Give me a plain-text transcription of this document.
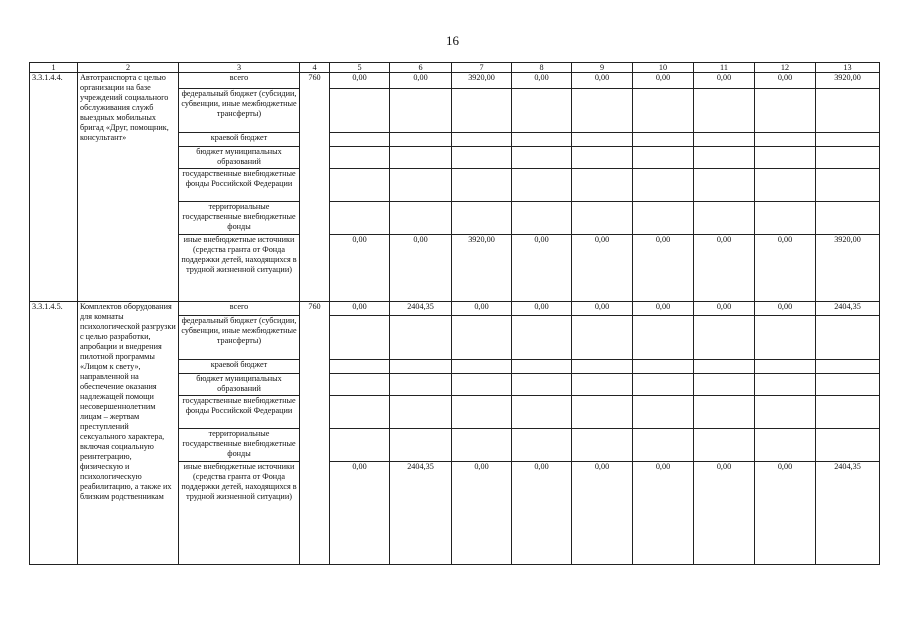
16
1	2	3	4	5	6	7	8	9	10	11	12	13
3.3.1.4.4.	Автотранспорта с целью организации на базе учреждений социального обслуживания служб выездных мобильных бригад «Друг, помощник, консультант»	всего	760	0,00	0,00	3920,00	0,00	0,00	0,00	0,00	0,00	3920,00
		федеральный бюджет (субсидии, субвенции, иные межбюджетные трансферты)										
		краевой бюджет										
		бюджет муниципальных образований										
		государственные внебюджетные фонды Российской Федерации										
		территориальные государственные внебюджетные фонды										
		иные внебюджетные источники (средства гранта от Фонда поддержки детей, находящихся в трудной жизненной ситуации)		0,00	0,00	3920,00	0,00	0,00	0,00	0,00	0,00	3920,00
3.3.1.4.5.	Комплектов оборудования для комнаты психологической разгрузки с целью разработки, апробации и внедрения пилотной программы «Лицом к свету», направленной на обеспечение оказания надлежащей помощи несовершеннолетним лицам – жертвам преступлений сексуального характера, включая социальную реинтеграцию, физическую и психологическую реабилитацию, а также их близким родственникам	всего	760	0,00	2404,35	0,00	0,00	0,00	0,00	0,00	0,00	2404,35
		федеральный бюджет (субсидии, субвенции, иные межбюджетные трансферты)										
		краевой бюджет										
		бюджет муниципальных образований										
		государственные внебюджетные фонды Российской Федерации										
		территориальные государственные внебюджетные фонды										
		иные внебюджетные источники (средства гранта от Фонда поддержки детей, находящихся в трудной жизненной ситуации)		0,00	2404,35	0,00	0,00	0,00	0,00	0,00	0,00	2404,35
